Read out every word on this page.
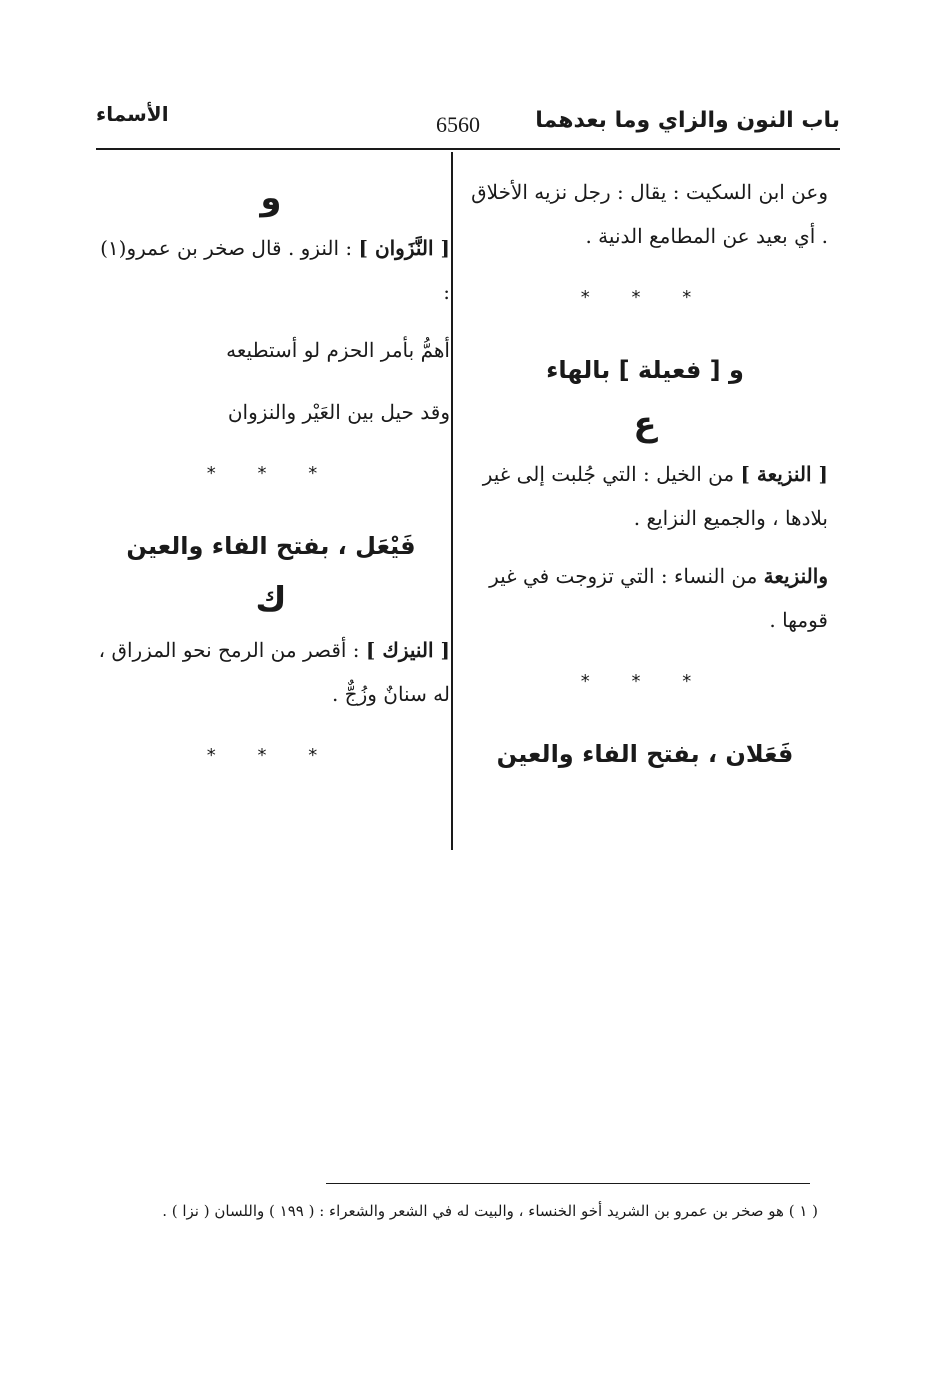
باب النون والزاي وما بعدهما
6560
الأسماء

وعن ابن السكيت : يقال : رجل نزيه الأخلاق . أي بعيد عن المطامع الدنية .

* * *
و [ فعيلة ] بالهاء
ع

[ النزيعة ] من الخيل : التي جُلبت إلى غير بلادها ، والجميع النزايع .

والنزيعة من النساء : التي تزوجت في غير قومها .

* * *
فَعَلان ، بفتح الفاء والعين
و

[ النَّزَوان ] : النزو . قال صخر بن عمرو(١) :

أهمُّ بأمر الحزم لو أستطيعه

وقد حيل بين العَيْر والنزوان

* * *
فَيْعَل ، بفتح الفاء والعين
ك

[ النيزك ] : أقصر من الرمح نحو المزراق ، له سنانٌ وزُجٌّ .

* * *
( ١ ) هو صخر بن عمرو بن الشريد أخو الخنساء ، والبيت له في الشعر والشعراء : ( ١٩٩ ) واللسان ( نزا ) .
